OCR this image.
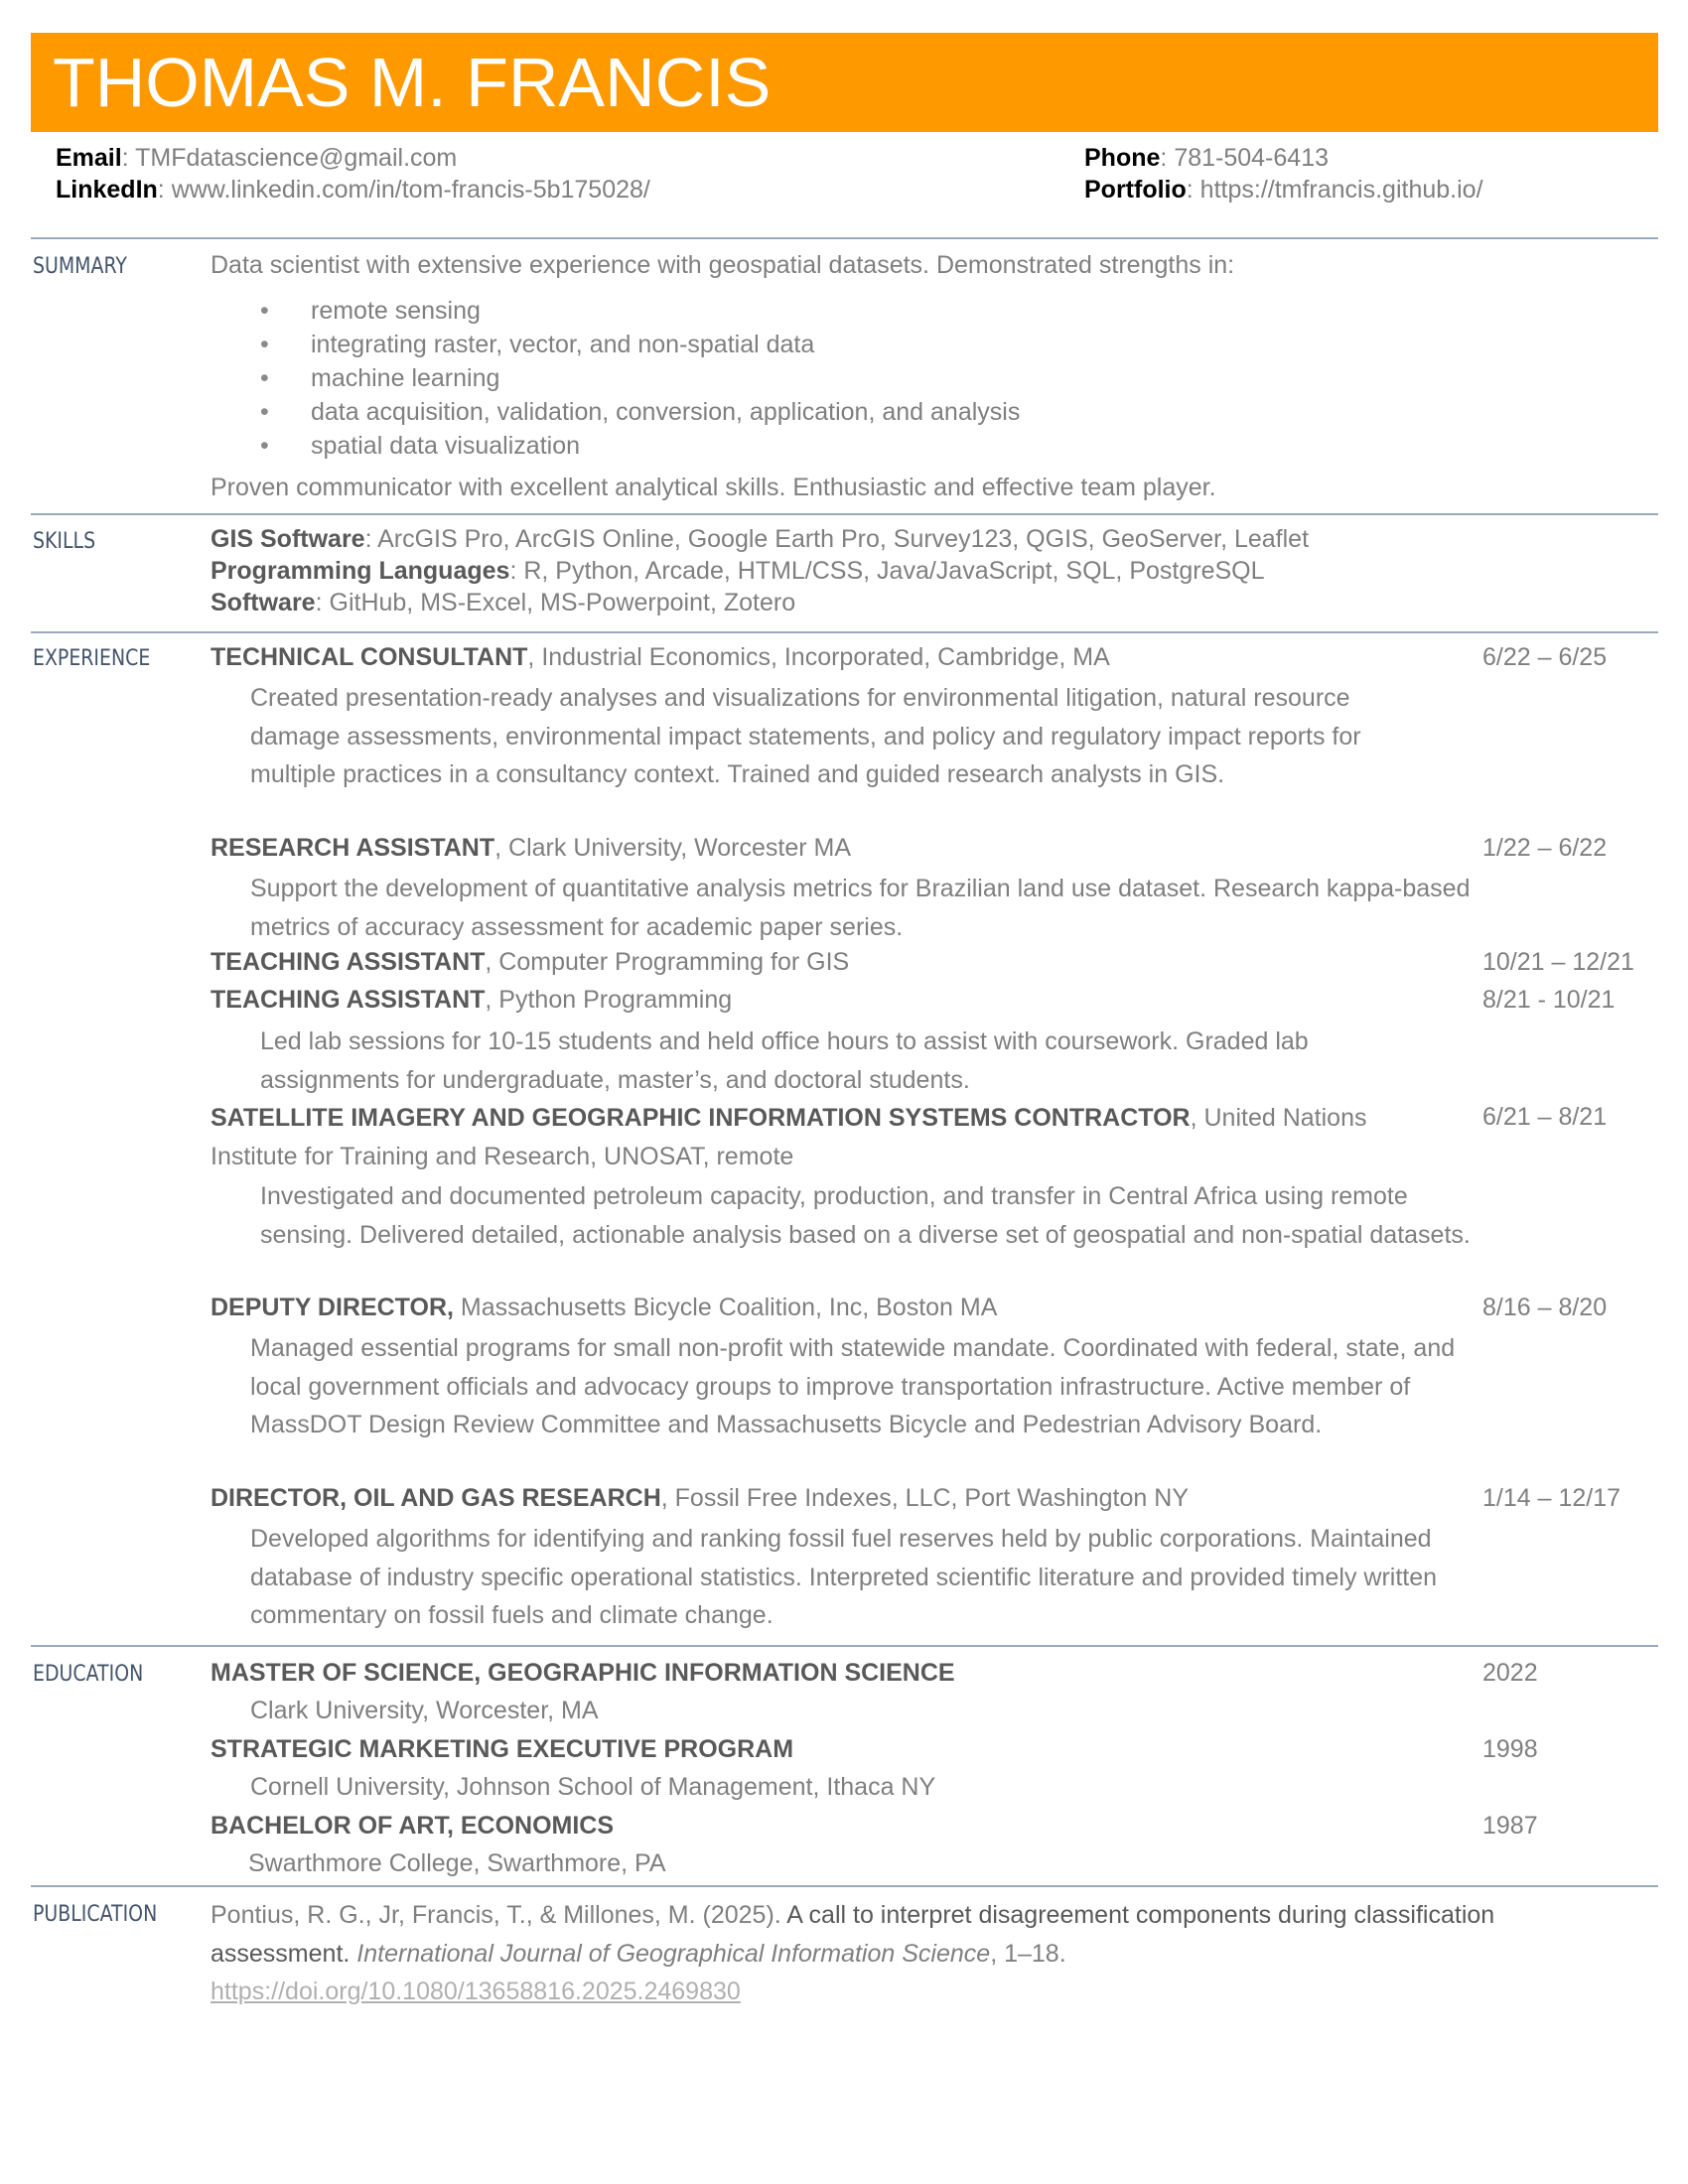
THOMAS M. FRANCIS
Email: TMFdatascience@gmail.com
LinkedIn: www.linkedin.com/in/tom-francis-5b175028/
Phone: 781-504-6413
Portfolio: https://tmfrancis.github.io/
SUMMARY	Data scientist with extensive experience with geospatial datasets. Demonstrated strengths in:
• remote sensing
• integrating raster, vector, and non-spatial data
• machine learning
• data acquisition, validation, conversion, application, and analysis
• spatial data visualization
Proven communicator with excellent analytical skills. Enthusiastic and effective team player.
SKILLS	GIS Software: ArcGIS Pro, ArcGIS Online, Google Earth Pro, Survey123, QGIS, GeoServer, Leaflet
Programming Languages: R, Python, Arcade, HTML/CSS, Java/JavaScript, SQL, PostgreSQL
Software: GitHub, MS-Excel, MS-Powerpoint, Zotero
EXPERIENCE TECHNICAL CONSULTANT, Industrial Economics, Incorporated, Cambridge, MA	6/22 – 6/25
Created presentation-ready analyses and visualizations for environmental litigation, natural resource damage assessments, environmental impact statements, and policy and regulatory impact reports for multiple practices in a consultancy context. Trained and guided research analysts in GIS.
RESEARCH ASSISTANT, Clark University, Worcester MA	1/22 – 6/22
Support the development of quantitative analysis metrics for Brazilian land use dataset. Research kappa-based metrics of accuracy assessment for academic paper series.
TEACHING ASSISTANT, Computer Programming for GIS	10/21 – 12/21
TEACHING ASSISTANT, Python Programming	8/21 - 10/21
Led lab sessions for 10-15 students and held office hours to assist with coursework. Graded lab assignments for undergraduate, master’s, and doctoral students.
SATELLITE IMAGERY AND GEOGRAPHIC INFORMATION SYSTEMS CONTRACTOR, United Nations Institute for Training and Research, UNOSAT, remote
6/21 – 8/21
Investigated and documented petroleum capacity, production, and transfer in Central Africa using remote sensing. Delivered detailed, actionable analysis based on a diverse set of geospatial and non-spatial datasets.
DEPUTY DIRECTOR, Massachusetts Bicycle Coalition, Inc, Boston MA	8/16 – 8/20
Managed essential programs for small non-profit with statewide mandate. Coordinated with federal, state, and local government officials and advocacy groups to improve transportation infrastructure. Active member of MassDOT Design Review Committee and Massachusetts Bicycle and Pedestrian Advisory Board.
DIRECTOR, OIL AND GAS RESEARCH, Fossil Free Indexes, LLC, Port Washington NY	1/14 – 12/17
Developed algorithms for identifying and ranking fossil fuel reserves held by public corporations. Maintained database of industry specific operational statistics. Interpreted scientific literature and provided timely written commentary on fossil fuels and climate change.
EDUCATION	MASTER OF SCIENCE, GEOGRAPHIC INFORMATION SCIENCE	2022
Clark University, Worcester, MA
STRATEGIC MARKETING EXECUTIVE PROGRAM	1998
Cornell University, Johnson School of Management, Ithaca NY
BACHELOR OF ART, ECONOMICS	1987
Swarthmore College, Swarthmore, PA
PUBLICATION Pontius, R. G., Jr, Francis, T., & Millones, M. (2025). A call to interpret disagreement components during classification assessment. International Journal of Geographical Information Science, 1–18.
https://doi.org/10.1080/13658816.2025.2469830
